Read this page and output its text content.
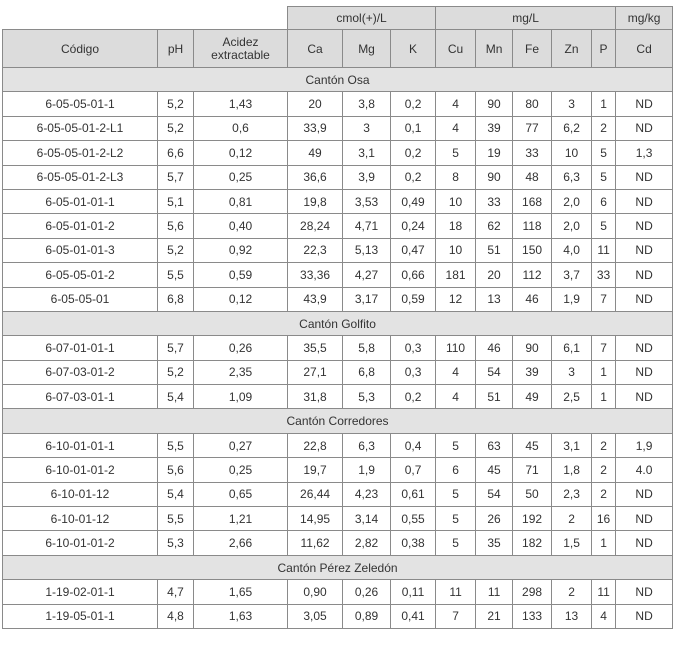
			cmol(+)/L			mg/L					mg/kg
Código	pH	Acidez extractable	Ca	Mg	K	Cu	Mn	Fe	Zn	P	Cd
Cantón Osa											
6-05-05-01-1	5,2	1,43	20	3,8	0,2	4	90	80	3	1	ND
6-05-05-01-2-L1	5,2	0,6	33,9	3	0,1	4	39	77	6,2	2	ND
6-05-05-01-2-L2	6,6	0,12	49	3,1	0,2	5	19	33	10	5	1,3
6-05-05-01-2-L3	5,7	0,25	36,6	3,9	0,2	8	90	48	6,3	5	ND
6-05-01-01-1	5,1	0,81	19,8	3,53	0,49	10	33	168	2,0	6	ND
6-05-01-01-2	5,6	0,40	28,24	4,71	0,24	18	62	118	2,0	5	ND
6-05-01-01-3	5,2	0,92	22,3	5,13	0,47	10	51	150	4,0	11	ND
6-05-05-01-2	5,5	0,59	33,36	4,27	0,66	181	20	112	3,7	33	ND
6-05-05-01	6,8	0,12	43,9	3,17	0,59	12	13	46	1,9	7	ND
Cantón Golfito											
6-07-01-01-1	5,7	0,26	35,5	5,8	0,3	110	46	90	6,1	7	ND
6-07-03-01-2	5,2	2,35	27,1	6,8	0,3	4	54	39	3	1	ND
6-07-03-01-1	5,4	1,09	31,8	5,3	0,2	4	51	49	2,5	1	ND
Cantón Corredores											
6-10-01-01-1	5,5	0,27	22,8	6,3	0,4	5	63	45	3,1	2	1,9
6-10-01-01-2	5,6	0,25	19,7	1,9	0,7	6	45	71	1,8	2	4.0
6-10-01-12	5,4	0,65	26,44	4,23	0,61	5	54	50	2,3	2	ND
6-10-01-12	5,5	1,21	14,95	3,14	0,55	5	26	192	2	16	ND
6-10-01-01-2	5,3	2,66	11,62	2,82	0,38	5	35	182	1,5	1	ND
Cantón Pérez Zeledón											
1-19-02-01-1	4,7	1,65	0,90	0,26	0,11	11	11	298	2	11	ND
1-19-05-01-1	4,8	1,63	3,05	0,89	0,41	7	21	133	13	4	ND
